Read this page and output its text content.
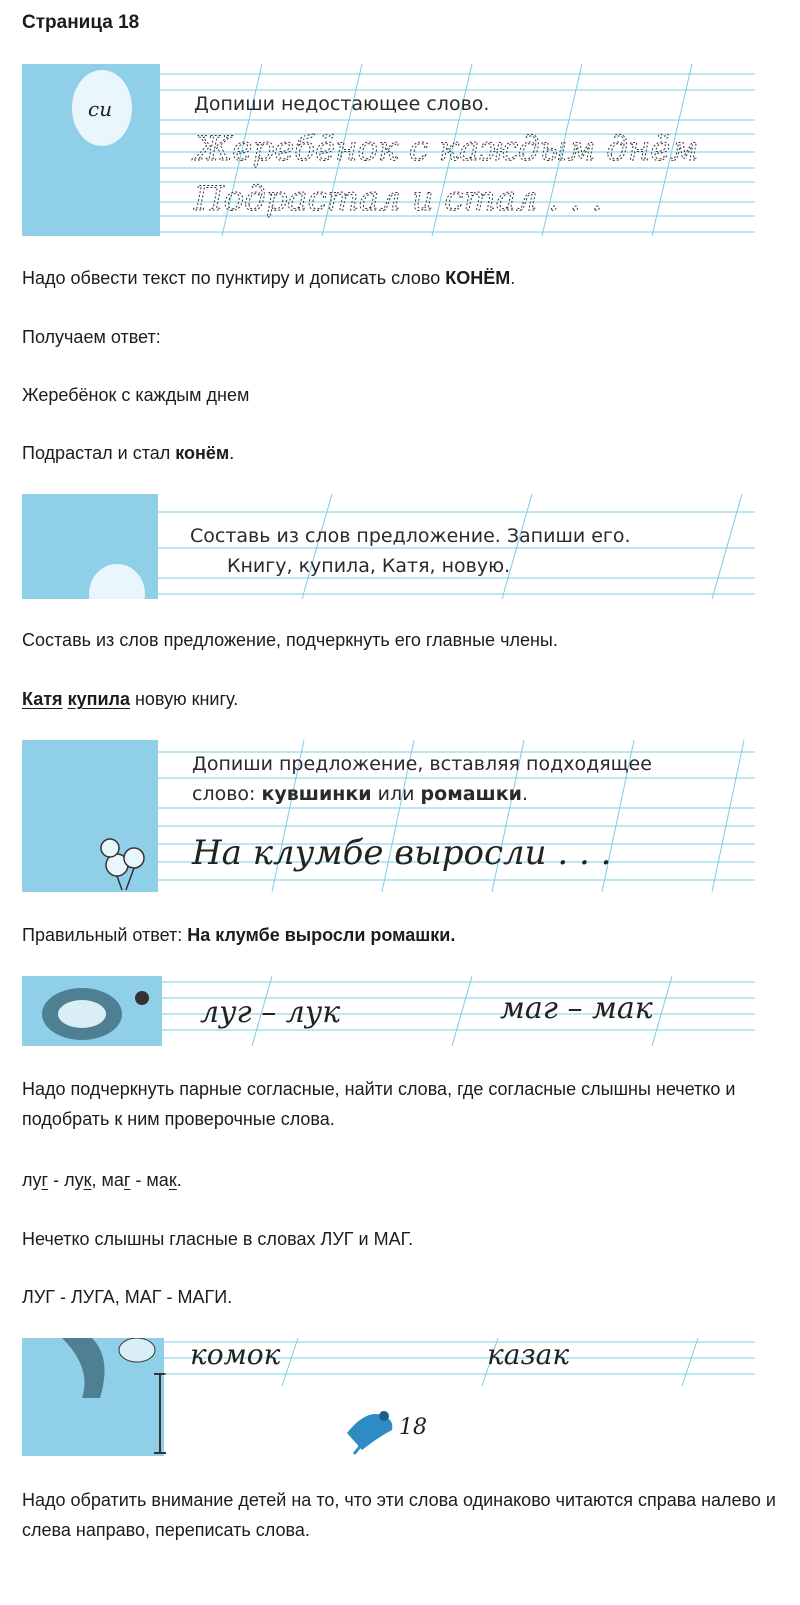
Страница 18
си	Допиши недостающее слово.
Жеребёнок с каждым днём
Подрастал и стал . . .

Надо обвести текст по пунктиру и дописать слово КОНЁМ.

Получаем ответ:

Жеребёнок с каждым днем

Подрастал и стал конём.

Составь из слов предложение. Запиши его.
Книгу, купила, Катя, новую.

Составь из слов предложение, подчеркнуть его главные члены.

Катя купила новую книгу.

Допиши предложение, вставляя подходящее
слово: кувшинки или ромашки.
На клумбе выросли . . .

Правильный ответ: На клумбе выросли ромашки.

луг – лук	маг – мак

Надо подчеркнуть парные согласные, найти слова, где согласные слышны нечетко и подобрать к ним проверочные слова.

луг - лук, маг - мак.

Нечетко слышны гласные в словах ЛУГ и МАГ.

ЛУГ - ЛУГА, МАГ - МАГИ.

комок	казак
18

Надо обратить внимание детей на то, что эти слова одинаково читаются справа налево и слева направо, переписать слова.
